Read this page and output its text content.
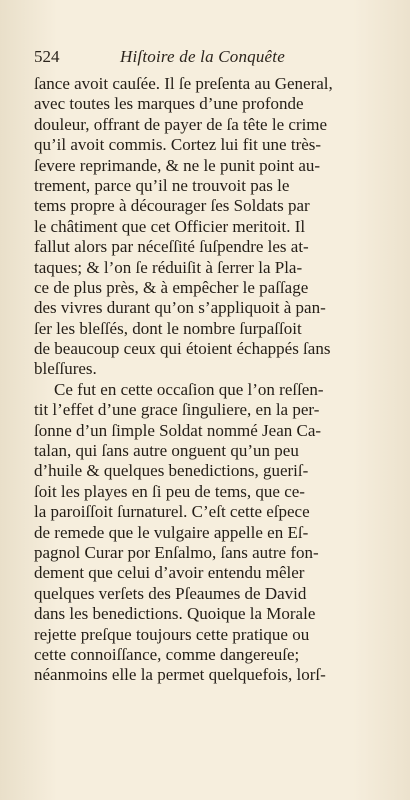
524	Hiſtoire de la Conquête
ſance avoit cauſée. Il ſe preſenta au General,
avec toutes les marques d’une profonde
douleur, offrant de payer de ſa tête le crime
qu’il avoit commis. Cortez lui fit une très-
ſevere reprimande, & ne le punit point au-
trement, parce qu’il ne trouvoit pas le
tems propre à décourager ſes Soldats par
le châtiment que cet Officier meritoit. Il
fallut alors par néceſſité ſuſpendre les at-
taques; & l’on ſe réduiſit à ſerrer la Pla-
ce de plus près, & à empêcher le paſſage
des vivres durant qu’on s’appliquoit à pan-
ſer les bleſſés, dont le nombre ſurpaſſoit
de beaucoup ceux qui étoient échappés ſans
bleſſures.
Ce fut en cette occaſion que l’on reſſen-
tit l’effet d’une grace ſinguliere, en la per-
ſonne d’un ſimple Soldat nommé Jean Ca-
talan, qui ſans autre onguent qu’un peu
d’huile & quelques benedictions, gueriſ-
ſoit les playes en ſi peu de tems, que ce-
la paroiſſoit ſurnaturel. C’eſt cette eſpece
de remede que le vulgaire appelle en Eſ-
pagnol Curar por Enſalmo, ſans autre fon-
dement que celui d’avoir entendu mêler
quelques verſets des Pſeaumes de David
dans les benedictions. Quoique la Morale
rejette preſque toujours cette pratique ou
cette connoiſſance, comme dangereuſe;
néanmoins elle la permet quelquefois, lorſ-
